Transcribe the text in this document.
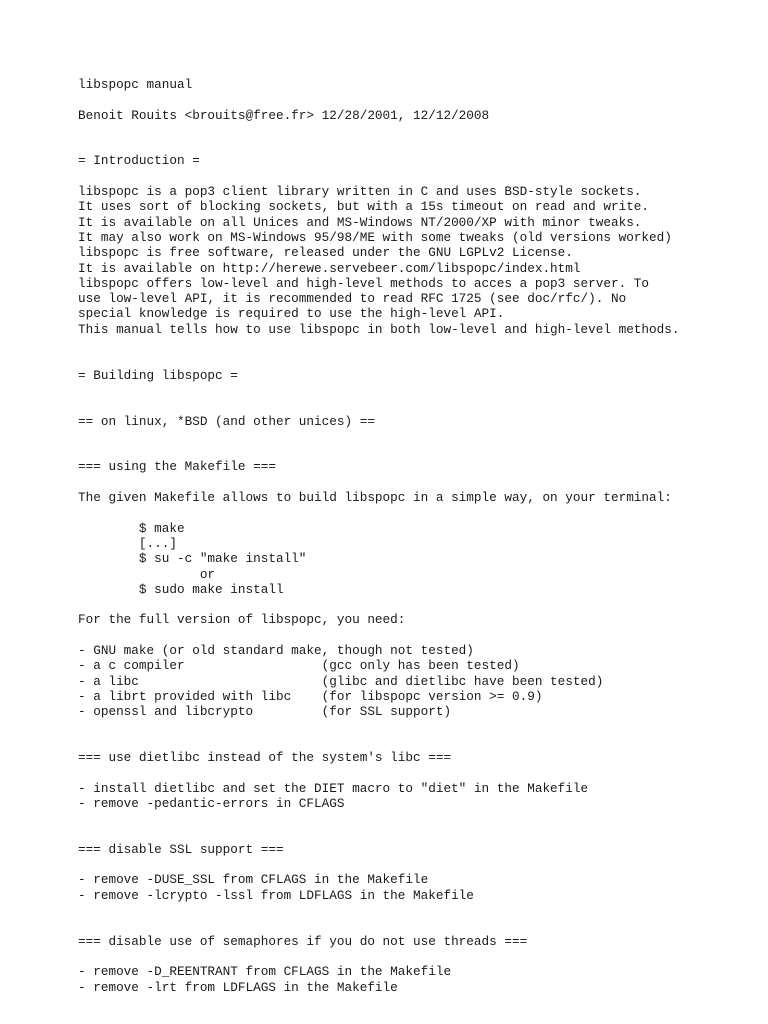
libspopc manual
Benoit Rouits <brouits@free.fr> 12/28/2001, 12/12/2008
= Introduction =
libspopc is a pop3 client library written in C and uses BSD-style sockets.
It uses sort of blocking sockets, but with a 15s timeout on read and write.
It is available on all Unices and MS-Windows NT/2000/XP with minor tweaks.
It may also work on MS-Windows 95/98/ME with some tweaks (old versions worked)
libspopc is free software, released under the GNU LGPLv2 License.
It is available on http://herewe.servebeer.com/libspopc/index.html
libspopc offers low-level and high-level methods to acces a pop3 server. To
use low-level API, it is recommended to read RFC 1725 (see doc/rfc/). No
special knowledge is required to use the high-level API.
This manual tells how to use libspopc in both low-level and high-level methods.
= Building libspopc =
== on linux, *BSD (and other unices) ==
=== using the Makefile ===
The given Makefile allows to build libspopc in a simple way, on your terminal:
$ make
[...]
$ su -c "make install"
or
$ sudo make install
For the full version of libspopc, you need:
- GNU make (or old standard make, though not tested)
- a c compiler                  (gcc only has been tested)
- a libc                        (glibc and dietlibc have been tested)
- a librt provided with libc    (for libspopc version >= 0.9)
- openssl and libcrypto         (for SSL support)
=== use dietlibc instead of the system's libc ===
- install dietlibc and set the DIET macro to "diet" in the Makefile
- remove -pedantic-errors in CFLAGS
=== disable SSL support ===
- remove -DUSE_SSL from CFLAGS in the Makefile
- remove -lcrypto -lssl from LDFLAGS in the Makefile
=== disable use of semaphores if you do not use threads ===
- remove -D_REENTRANT from CFLAGS in the Makefile
- remove -lrt from LDFLAGS in the Makefile
